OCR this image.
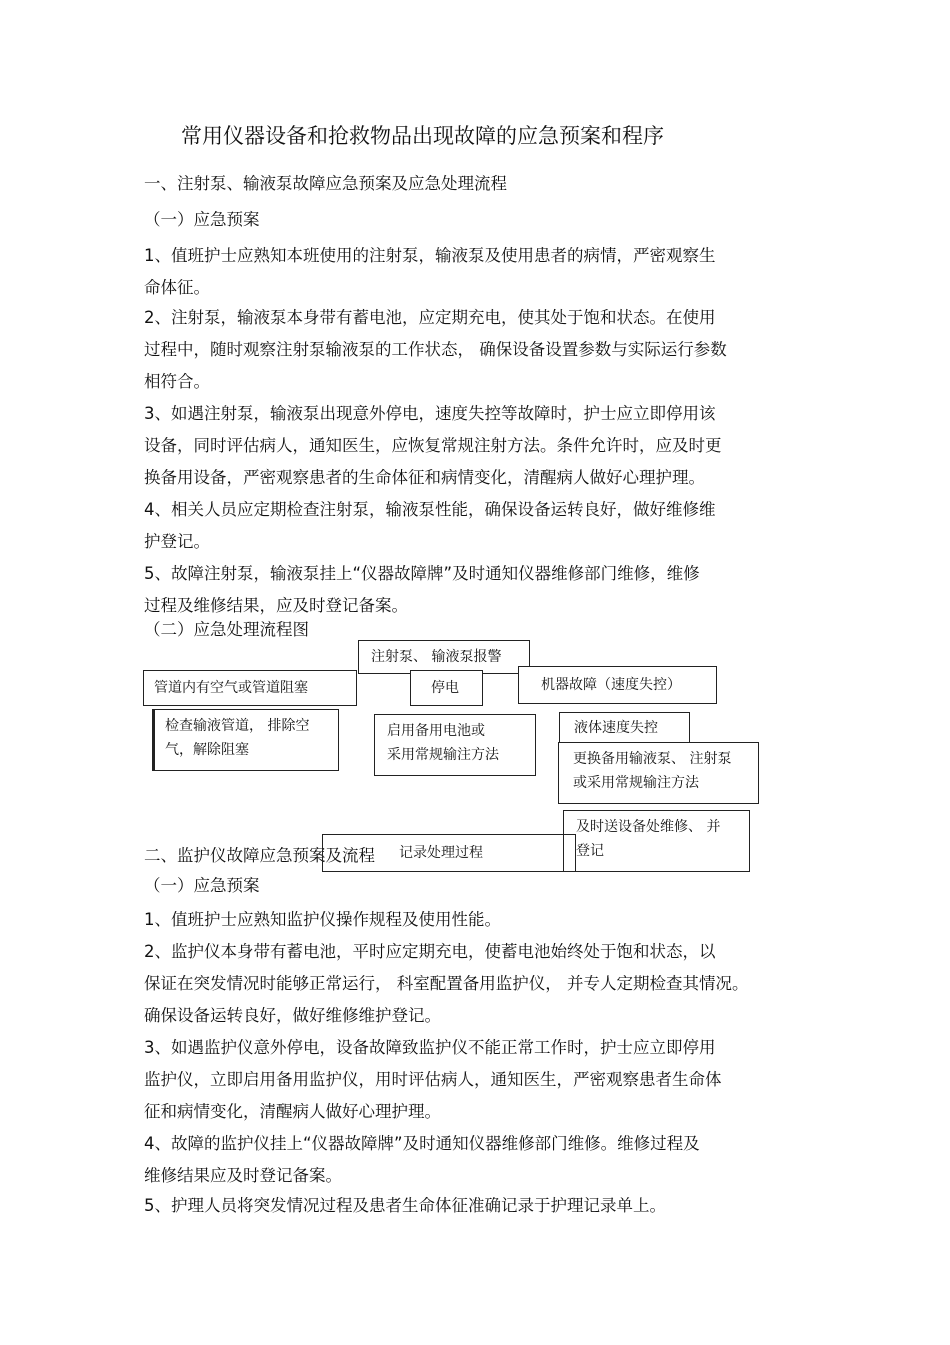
常用仪器设备和抢救物品出现故障的应急预案和程序
一、注射泵、输液泵故障应急预案及应急处理流程
（一）应急预案
1、值班护士应熟知本班使用的注射泵，输液泵及使用患者的病情，严密观察生
命体征。
2、注射泵，输液泵本身带有蓄电池，应定期充电，使其处于饱和状态。在使用
过程中，随时观察注射泵输液泵的工作状态， 确保设备设置参数与实际运行参数
相符合。
3、如遇注射泵，输液泵出现意外停电，速度失控等故障时，护士应立即停用该
设备，同时评估病人，通知医生，应恢复常规注射方法。条件允许时，应及时更
换备用设备，严密观察患者的生命体征和病情变化，清醒病人做好心理护理。
4、相关人员应定期检查注射泵，输液泵性能，确保设备运转良好，做好维修维
护登记。
5、故障注射泵，输液泵挂上“仪器故障牌”及时通知仪器维修部门维修，维修
过程及维修结果，应及时登记备案。
（二）应急处理流程图
注射泵、 输液泵报警
管道内有空气或管道阻塞	停电	机器故障（速度失控）
检查输液管道， 排除空
气，解除阻塞
启用备用电池或
采用常规输注方法
液体速度失控
更换备用输液泵、 注射泵
或采用常规输注方法
及时送设备处维修、 并
登记
二、监护仪故障应急预案及流程	记录处理过程
（一）应急预案
1、值班护士应熟知监护仪操作规程及使用性能。
2、监护仪本身带有蓄电池，平时应定期充电，使蓄电池始终处于饱和状态，以
保证在突发情况时能够正常运行， 科室配置备用监护仪， 并专人定期检查其情况。
确保设备运转良好，做好维修维护登记。
3、如遇监护仪意外停电，设备故障致监护仪不能正常工作时，护士应立即停用
监护仪，立即启用备用监护仪，用时评估病人，通知医生，严密观察患者生命体
征和病情变化，清醒病人做好心理护理。
4、故障的监护仪挂上“仪器故障牌”及时通知仪器维修部门维修。维修过程及
维修结果应及时登记备案。
5、护理人员将突发情况过程及患者生命体征准确记录于护理记录单上。
